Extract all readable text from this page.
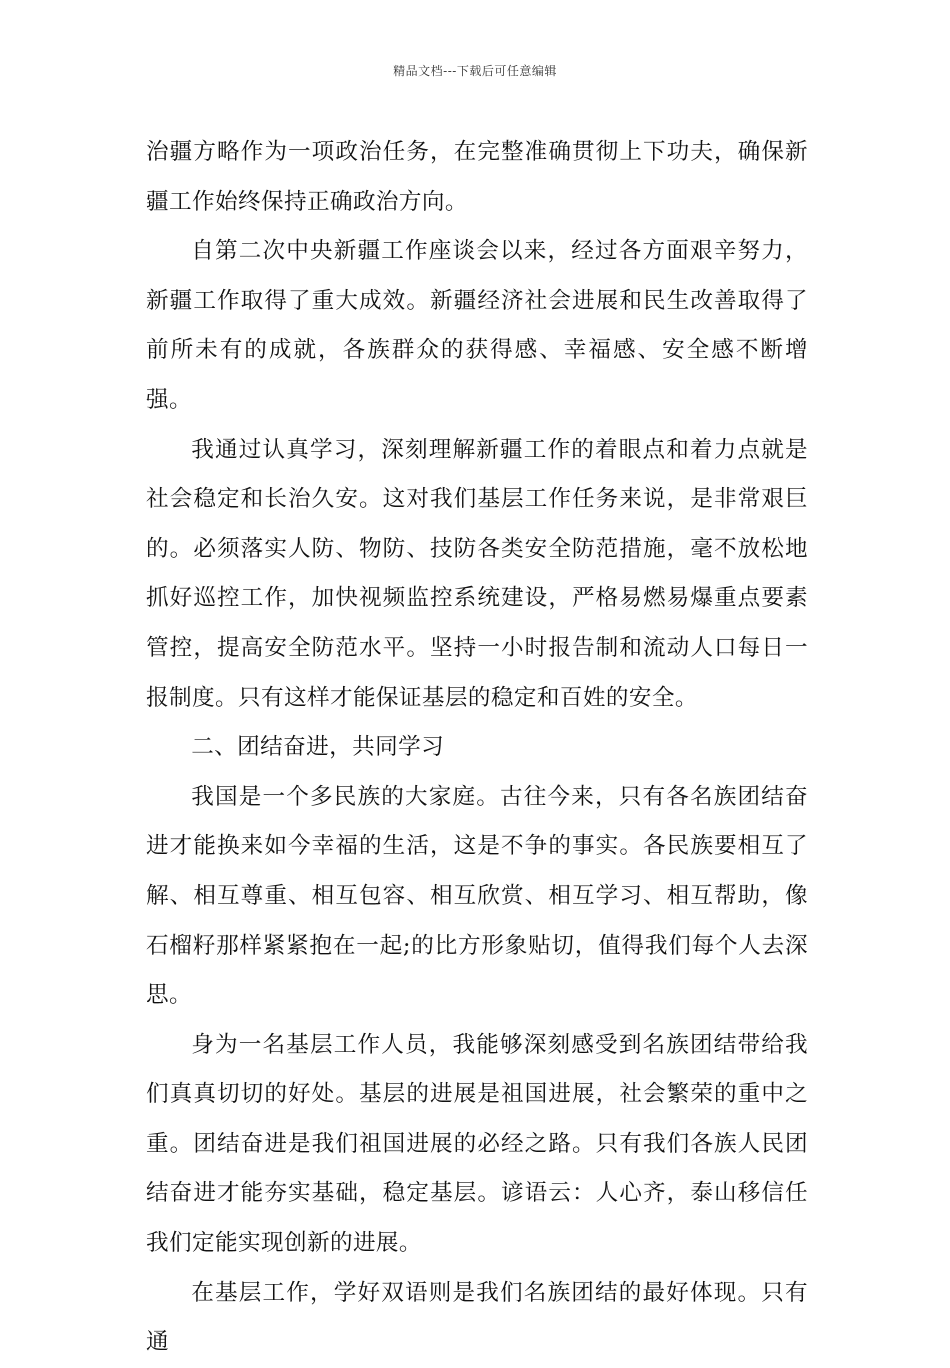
精品文档---下载后可任意编辑

治疆方略作为一项政治任务，在完整准确贯彻上下功夫，确保新疆工作始终保持正确政治方向。

自第二次中央新疆工作座谈会以来，经过各方面艰辛努力，新疆工作取得了重大成效。新疆经济社会进展和民生改善取得了前所未有的成就，各族群众的获得感、幸福感、安全感不断增强。

我通过认真学习，深刻理解新疆工作的着眼点和着力点就是社会稳定和长治久安。这对我们基层工作任务来说，是非常艰巨的。必须落实人防、物防、技防各类安全防范措施，毫不放松地抓好巡控工作，加快视频监控系统建设，严格易燃易爆重点要素管控，提高安全防范水平。坚持一小时报告制和流动人口每日一报制度。只有这样才能保证基层的稳定和百姓的安全。

二、团结奋进，共同学习

我国是一个多民族的大家庭。古往今来，只有各名族团结奋进才能换来如今幸福的生活，这是不争的事实。各民族要相互了解、相互尊重、相互包容、相互欣赏、相互学习、相互帮助，像石榴籽那样紧紧抱在一起;的比方形象贴切，值得我们每个人去深思。

身为一名基层工作人员，我能够深刻感受到名族团结带给我们真真切切的好处。基层的进展是祖国进展，社会繁荣的重中之重。团结奋进是我们祖国进展的必经之路。只有我们各族人民团结奋进才能夯实基础，稳定基层。谚语云：人心齐，泰山移信任我们定能实现创新的进展。

在基层工作，学好双语则是我们名族团结的最好体现。只有通
